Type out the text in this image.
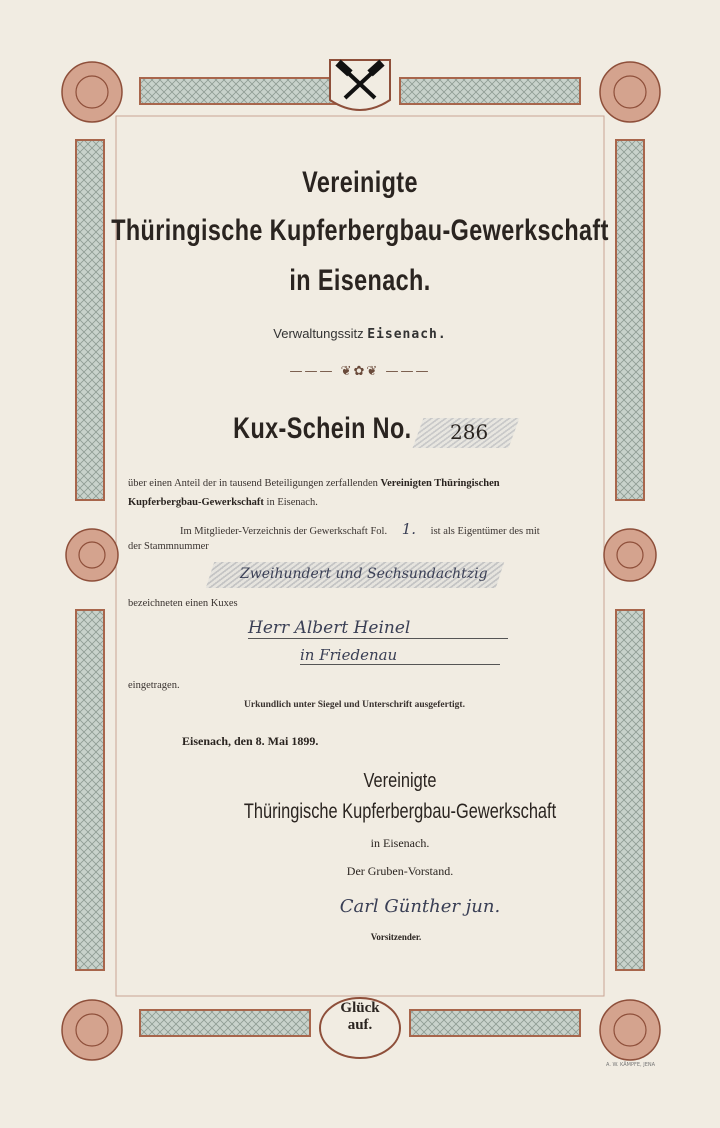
Vereinigte

Thüringische Kupferbergbau-Gewerkschaft

in Eisenach.

Verwaltungssitz Eisenach.

——— ❦✿❦ ———

Kux-Schein No. 286

über einen Anteil der in tausend Beteiligungen zerfallenden Vereinigten Thüringischen

Kupferbergbau-Gewerkschaft in Eisenach.

Im Mitglieder-Verzeichnis der Gewerkschaft Fol. 1. ist als Eigentümer des mit

der Stammnummer

Zweihundert und Sechsundachtzig

bezeichneten einen Kuxes

Herr Albert Heinel

in Friedenau

eingetragen.

Urkundlich unter Siegel und Unterschrift ausgefertigt.

Eisenach, den 8. Mai 1899.

Vereinigte

Thüringische Kupferbergbau-Gewerkschaft

in Eisenach.

Der Gruben-Vorstand.

Carl Günther jun.

Vorsitzender.

Glück
auf.
A. W. KÄMPFE, JENA
